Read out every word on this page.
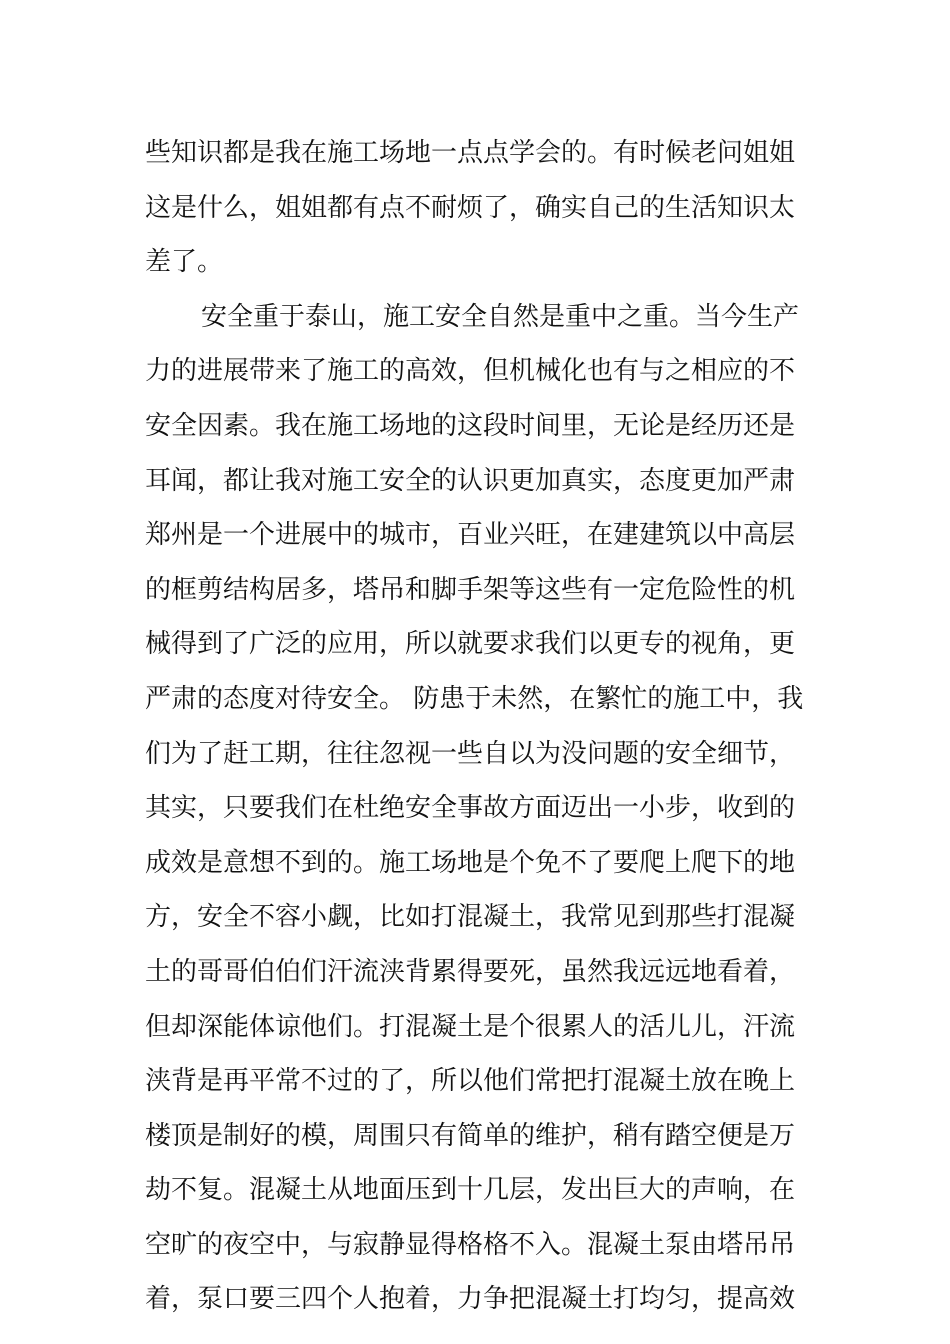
些知识都是我在施工场地一点点学会的。有时候老问姐姐
这是什么，姐姐都有点不耐烦了，确实自己的生活知识太
差了。
安全重于泰山，施工安全自然是重中之重。当今生产
力的进展带来了施工的高效，但机械化也有与之相应的不
安全因素。我在施工场地的这段时间里，无论是经历还是
耳闻，都让我对施工安全的认识更加真实，态度更加严肃
郑州是一个进展中的城市，百业兴旺，在建建筑以中高层
的框剪结构居多，塔吊和脚手架等这些有一定危险性的机
械得到了广泛的应用，所以就要求我们以更专的视角，更
严肃的态度对待安全。 防患于未然，在繁忙的施工中，我
们为了赶工期，往往忽视一些自以为没问题的安全细节，
其实，只要我们在杜绝安全事故方面迈出一小步，收到的
成效是意想不到的。施工场地是个免不了要爬上爬下的地
方，安全不容小觑，比如打混凝土，我常见到那些打混凝
土的哥哥伯伯们汗流浃背累得要死，虽然我远远地看着，
但却深能体谅他们。打混凝土是个很累人的活儿儿，汗流
浃背是再平常不过的了，所以他们常把打混凝土放在晚上
楼顶是制好的模，周围只有简单的维护，稍有踏空便是万
劫不复。混凝土从地面压到十几层，发出巨大的声响，在
空旷的夜空中，与寂静显得格格不入。混凝土泵由塔吊吊
着，泵口要三四个人抱着，力争把混凝土打均匀，提高效
